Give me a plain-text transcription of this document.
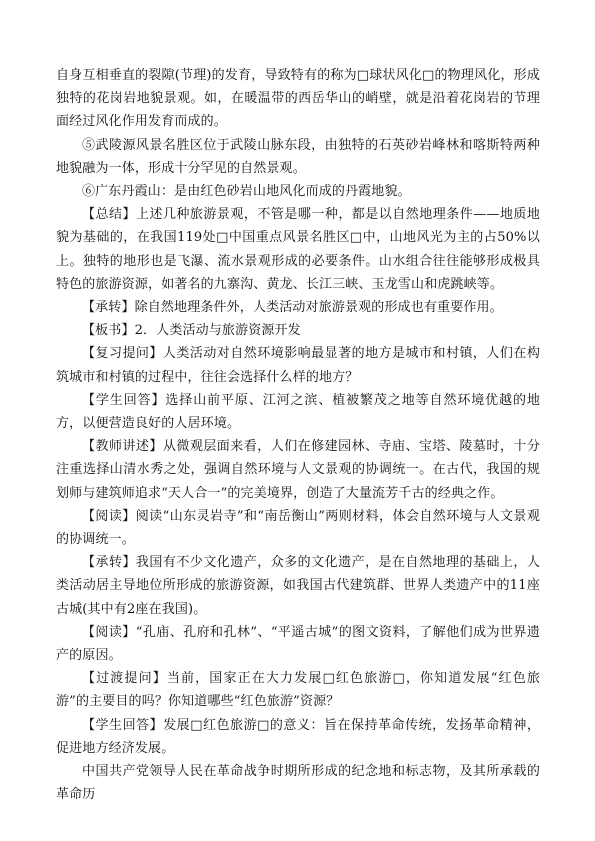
自身互相垂直的裂隙(节理)的发育，导致特有的称为□球状风化□的物理风化，形成独特的花岗岩地貌景观。如，在暖温带的西岳华山的峭壁，就是沿着花岗岩的节理面经过风化作用发育而成的。

⑤武陵源风景名胜区位于武陵山脉东段，由独特的石英砂岩峰林和喀斯特两种地貌融为一体，形成十分罕见的自然景观。

⑥广东丹霞山：是由红色砂岩山地风化而成的丹霞地貌。

【总结】上述几种旅游景观，不管是哪一种，都是以自然地理条件——地质地貌为基础的，在我国119处□中国重点风景名胜区□中，山地风光为主的占50%以上。独特的地形也是飞瀑、流水景观形成的必要条件。山水组合往往能够形成极具特色的旅游资源，如著名的九寨沟、黄龙、长江三峡、玉龙雪山和虎跳峡等。

【承转】除自然地理条件外，人类活动对旅游景观的形成也有重要作用。

【板书】2．人类活动与旅游资源开发

【复习提问】人类活动对自然环境影响最显著的地方是城市和村镇，人们在构筑城市和村镇的过程中，往往会选择什么样的地方？

【学生回答】选择山前平原、江河之滨、植被繁茂之地等自然环境优越的地方，以便营造良好的人居环境。

【教师讲述】从微观层面来看，人们在修建园林、寺庙、宝塔、陵墓时，十分注重选择山清水秀之处，强调自然环境与人文景观的协调统一。在古代，我国的规划师与建筑师追求“天人合一”的完美境界，创造了大量流芳千古的经典之作。

【阅读】阅读“山东灵岩寺”和“南岳衡山”两则材料，体会自然环境与人文景观的协调统一。

【承转】我国有不少文化遗产，众多的文化遗产，是在自然地理的基础上，人类活动居主导地位所形成的旅游资源，如我国古代建筑群、世界人类遗产中的11座古城(其中有2座在我国)。

【阅读】“孔庙、孔府和孔林”、“平遥古城”的图文资料，了解他们成为世界遗产的原因。

【过渡提问】当前，国家正在大力发展□红色旅游□，你知道发展“红色旅游”的主要目的吗？你知道哪些“红色旅游”资源？

【学生回答】发展□红色旅游□的意义：旨在保持革命传统，发扬革命精神，促进地方经济发展。

中国共产党领导人民在革命战争时期所形成的纪念地和标志物，及其所承载的革命历
